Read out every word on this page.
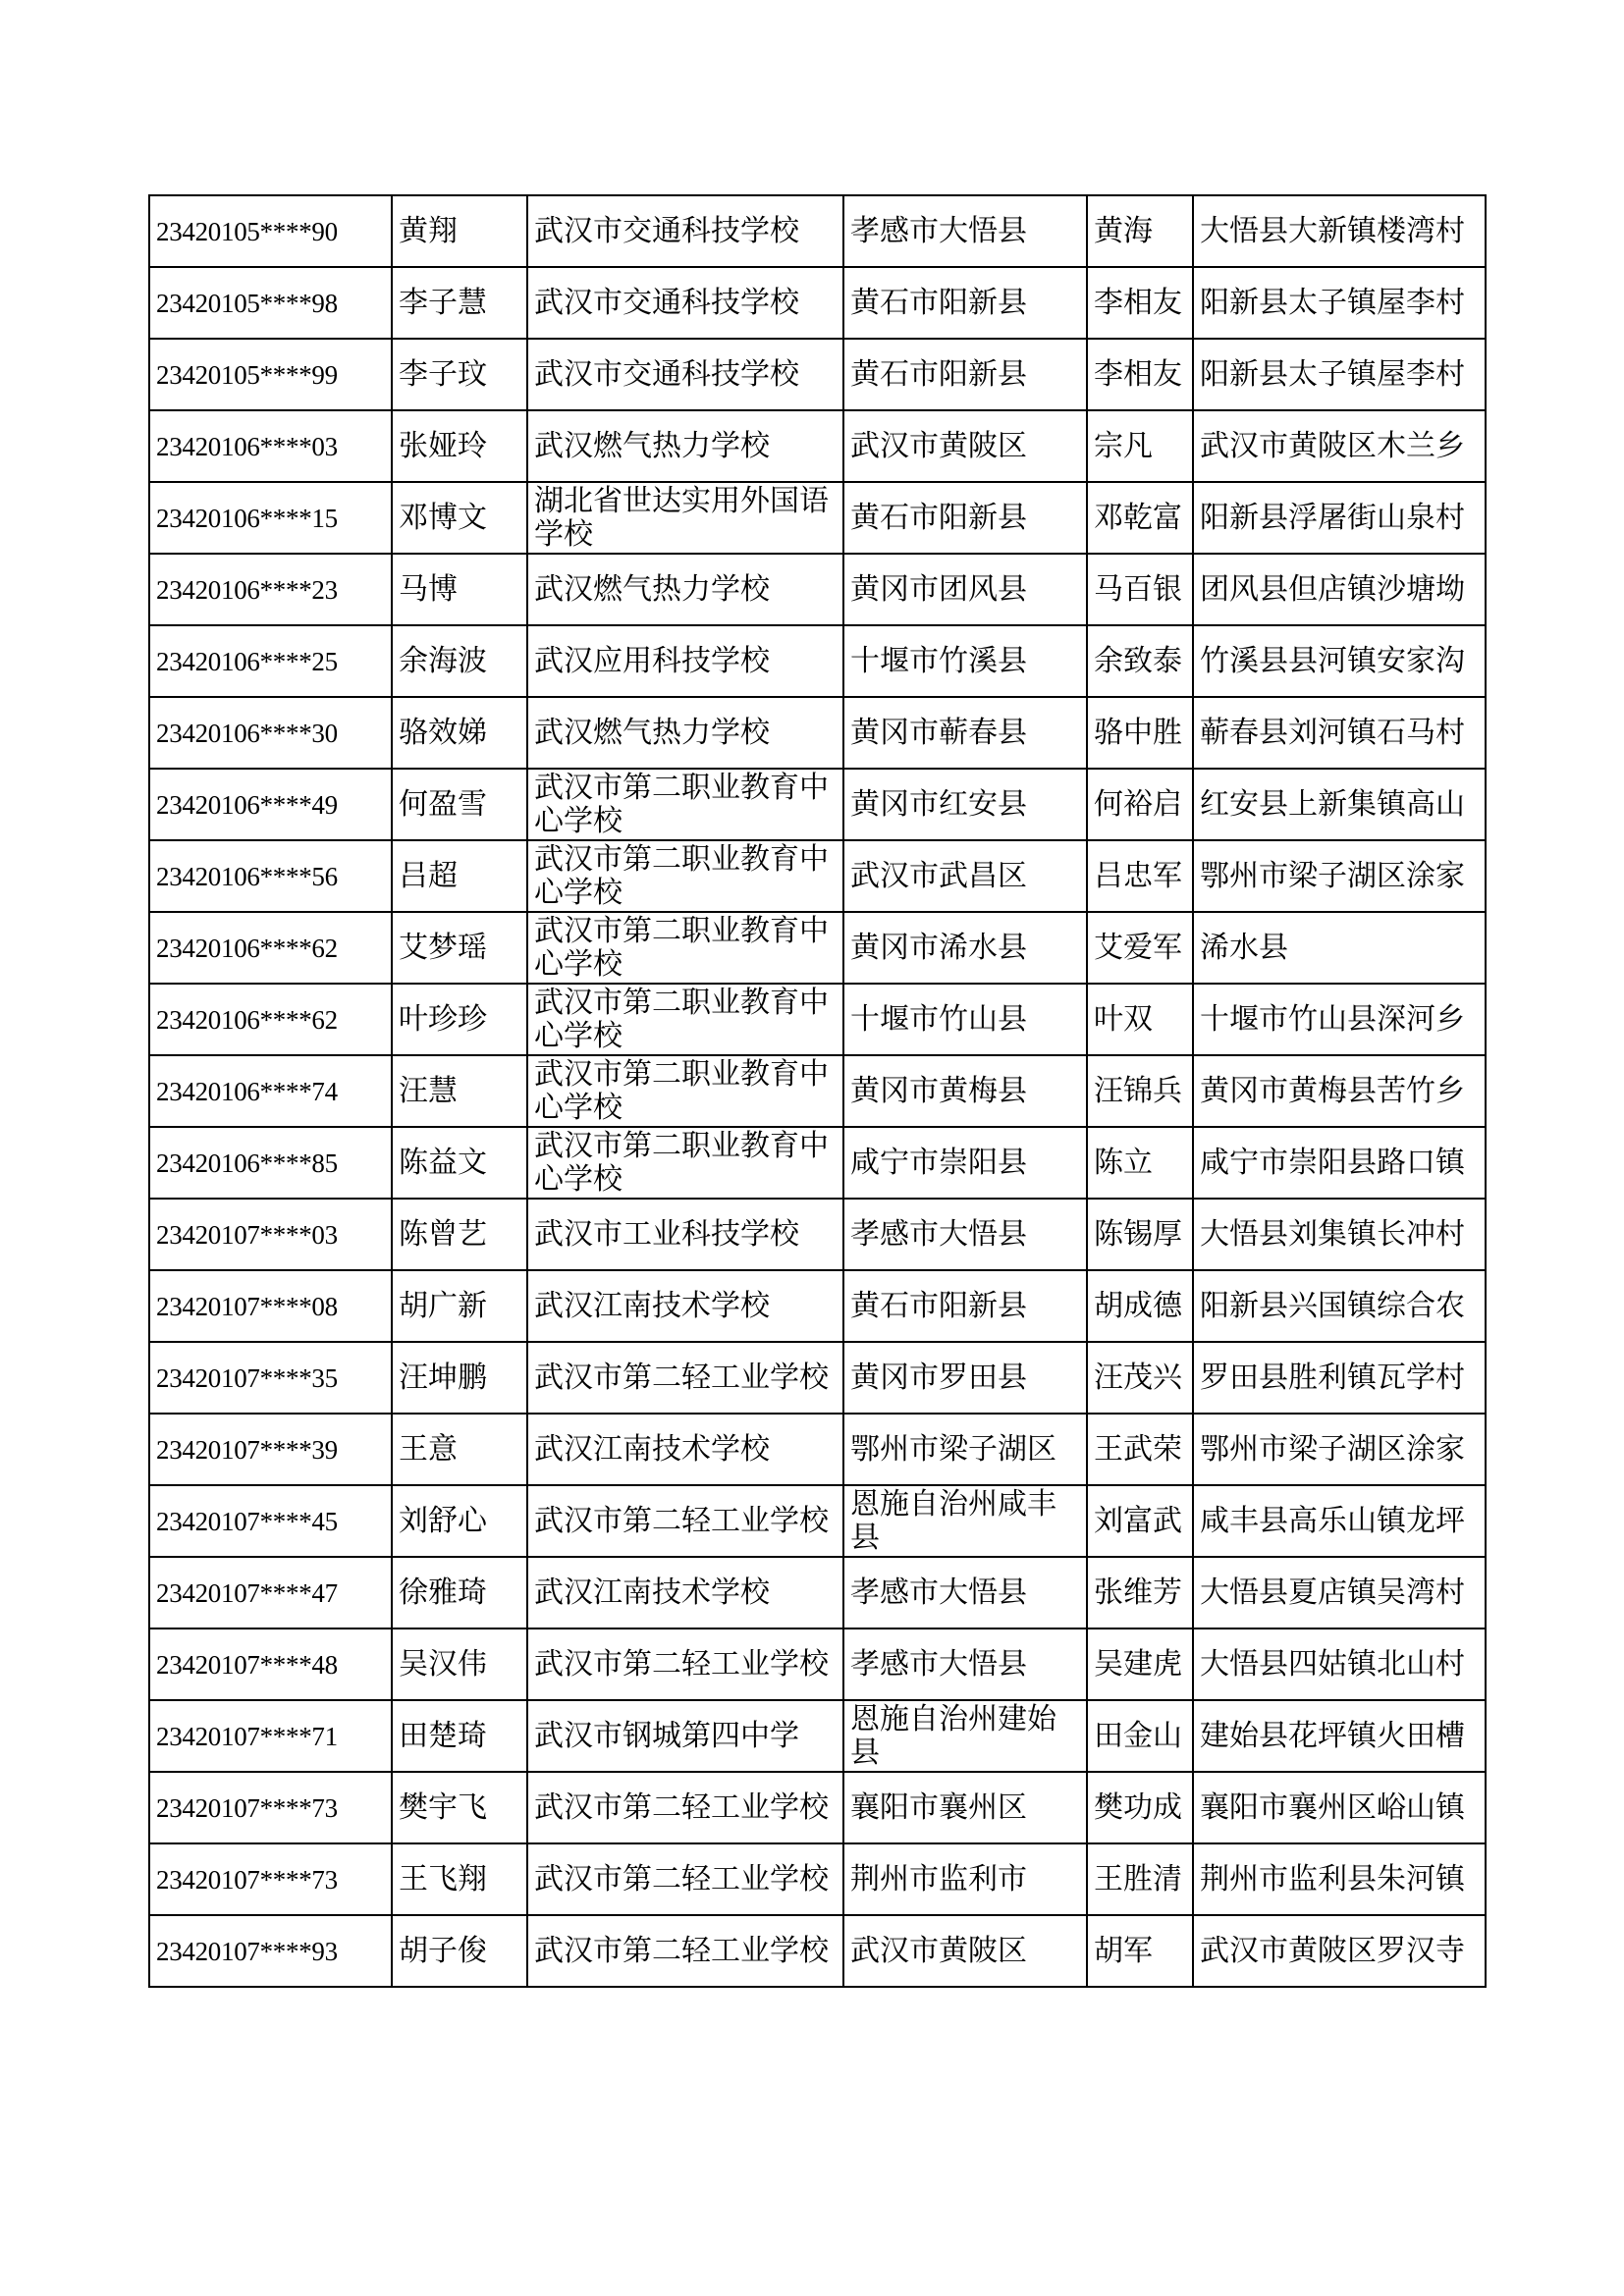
23420105****90	黄翔	武汉市交通科技学校	孝感市大悟县	黄海	大悟县大新镇楼湾村
23420105****98	李子慧	武汉市交通科技学校	黄石市阳新县	李相友	阳新县太子镇屋李村
23420105****99	李子玟	武汉市交通科技学校	黄石市阳新县	李相友	阳新县太子镇屋李村
23420106****03	张娅玲	武汉燃气热力学校	武汉市黄陂区	宗凡	武汉市黄陂区木兰乡
23420106****15	邓博文	湖北省世达实用外国语学校	黄石市阳新县	邓乾富	阳新县浮屠街山泉村
23420106****23	马博	武汉燃气热力学校	黄冈市团风县	马百银	团风县但店镇沙塘坳
23420106****25	余海波	武汉应用科技学校	十堰市竹溪县	余致泰	竹溪县县河镇安家沟
23420106****30	骆效娣	武汉燃气热力学校	黄冈市蕲春县	骆中胜	蕲春县刘河镇石马村
23420106****49	何盈雪	武汉市第二职业教育中心学校	黄冈市红安县	何裕启	红安县上新集镇高山
23420106****56	吕超	武汉市第二职业教育中心学校	武汉市武昌区	吕忠军	鄂州市梁子湖区涂家
23420106****62	艾梦瑶	武汉市第二职业教育中心学校	黄冈市浠水县	艾爱军	浠水县
23420106****62	叶珍珍	武汉市第二职业教育中心学校	十堰市竹山县	叶双	十堰市竹山县深河乡
23420106****74	汪慧	武汉市第二职业教育中心学校	黄冈市黄梅县	汪锦兵	黄冈市黄梅县苦竹乡
23420106****85	陈益文	武汉市第二职业教育中心学校	咸宁市崇阳县	陈立	咸宁市崇阳县路口镇
23420107****03	陈曾艺	武汉市工业科技学校	孝感市大悟县	陈锡厚	大悟县刘集镇长冲村
23420107****08	胡广新	武汉江南技术学校	黄石市阳新县	胡成德	阳新县兴国镇综合农
23420107****35	汪坤鹏	武汉市第二轻工业学校	黄冈市罗田县	汪茂兴	罗田县胜利镇瓦学村
23420107****39	王意	武汉江南技术学校	鄂州市梁子湖区	王武荣	鄂州市梁子湖区涂家
23420107****45	刘舒心	武汉市第二轻工业学校	恩施自治州咸丰县	刘富武	咸丰县高乐山镇龙坪
23420107****47	徐雅琦	武汉江南技术学校	孝感市大悟县	张维芳	大悟县夏店镇吴湾村
23420107****48	吴汉伟	武汉市第二轻工业学校	孝感市大悟县	吴建虎	大悟县四姑镇北山村
23420107****71	田楚琦	武汉市钢城第四中学	恩施自治州建始县	田金山	建始县花坪镇火田槽
23420107****73	樊宇飞	武汉市第二轻工业学校	襄阳市襄州区	樊功成	襄阳市襄州区峪山镇
23420107****73	王飞翔	武汉市第二轻工业学校	荆州市监利市	王胜清	荆州市监利县朱河镇
23420107****93	胡子俊	武汉市第二轻工业学校	武汉市黄陂区	胡军	武汉市黄陂区罗汉寺
